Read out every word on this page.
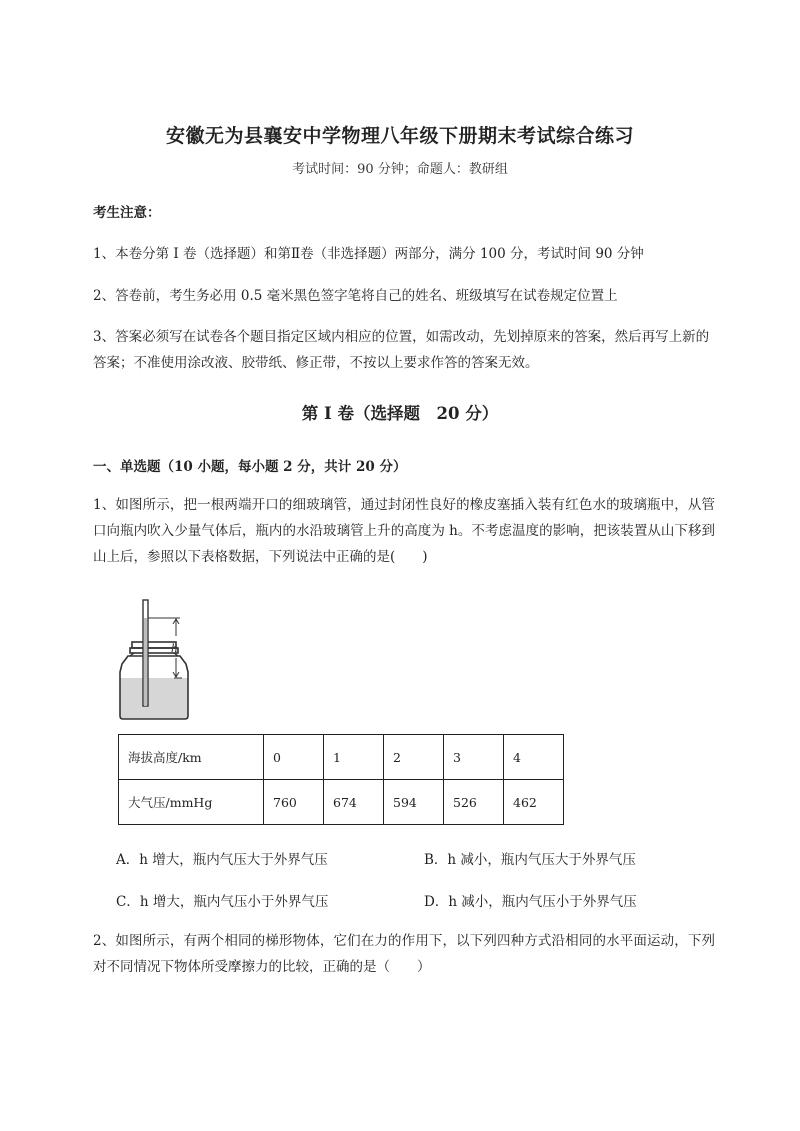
安徽无为县襄安中学物理八年级下册期末考试综合练习
考试时间：90 分钟；命题人：教研组
考生注意：
1、本卷分第 I 卷（选择题）和第Ⅱ卷（非选择题）两部分，满分 100 分，考试时间 90 分钟
2、答卷前，考生务必用 0.5 毫米黑色签字笔将自己的姓名、班级填写在试卷规定位置上
3、答案必须写在试卷各个题目指定区域内相应的位置，如需改动，先划掉原来的答案，然后再写上新的答案；不准使用涂改液、胶带纸、修正带，不按以上要求作答的答案无效。
第 I 卷（选择题　20 分）
一、单选题（10 小题，每小题 2 分，共计 20 分）
1、如图所示，把一根两端开口的细玻璃管，通过封闭性良好的橡皮塞插入装有红色水的玻璃瓶中，从管口向瓶内吹入少量气体后，瓶内的水沿玻璃管上升的高度为 h。不考虑温度的影响，把该装置从山下移到山上后，参照以下表格数据，下列说法中正确的是(　　)
h
海拔高度/km	0	1	2	3	4
大气压/mmHg	760	674	594	526	462
A．h 增大，瓶内气压大于外界气压	B．h 减小，瓶内气压大于外界气压
C．h 增大，瓶内气压小于外界气压	D．h 减小，瓶内气压小于外界气压
2、如图所示，有两个相同的梯形物体，它们在力的作用下，以下列四种方式沿相同的水平面运动，下列对不同情况下物体所受摩擦力的比较，正确的是（　　）
